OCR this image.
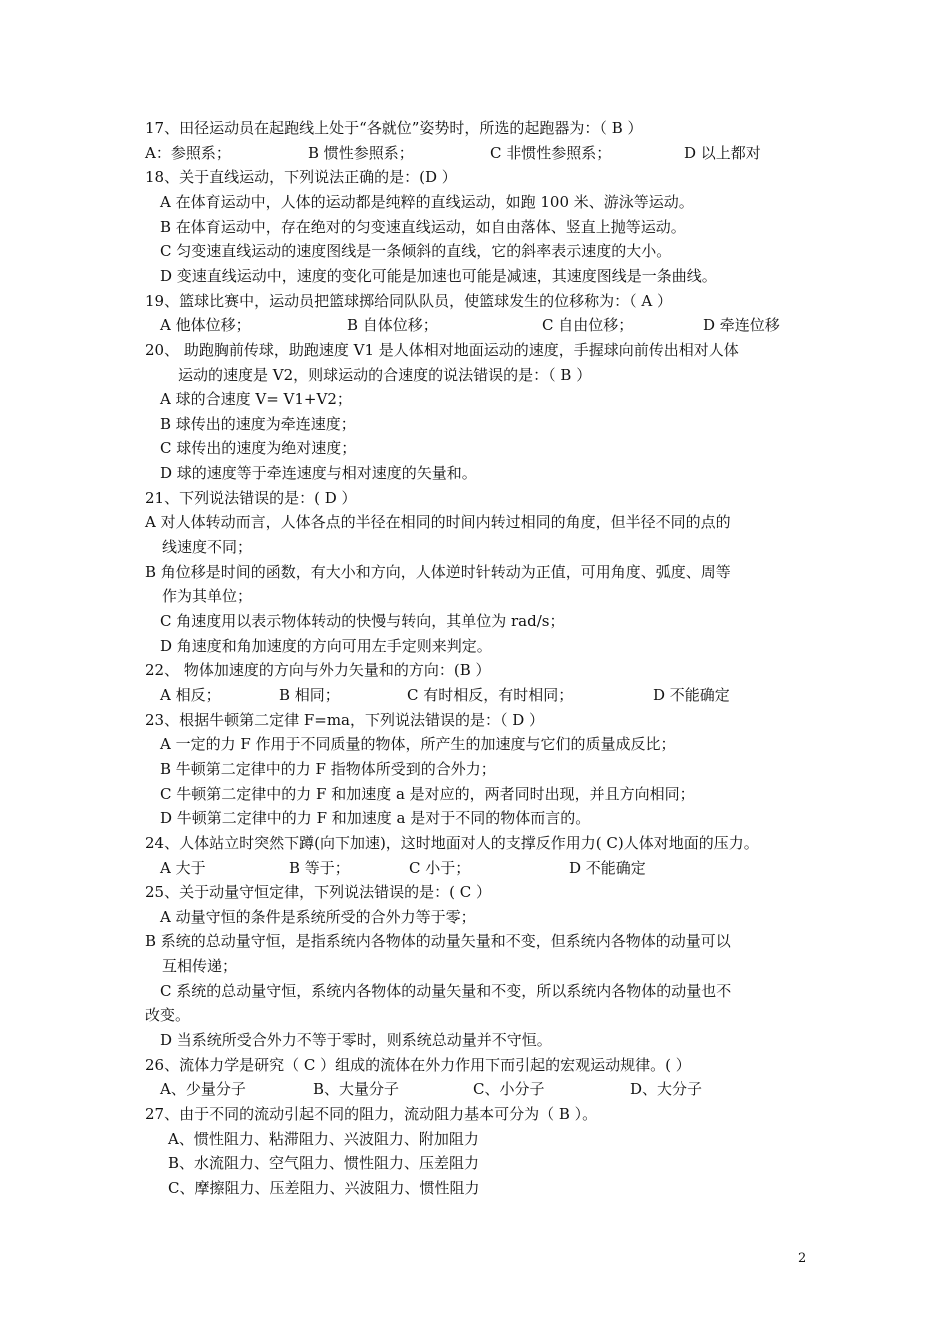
17、田径运动员在起跑线上处于“各就位”姿势时，所选的起跑器为：（ B ）
A：参照系；	B 惯性参照系；	C 非惯性参照系；	D 以上都对
18、关于直线运动，下列说法正确的是：(D ）
A 在体育运动中，人体的运动都是纯粹的直线运动，如跑 100 米、游泳等运动。
B 在体育运动中，存在绝对的匀变速直线运动，如自由落体、竖直上抛等运动。
C 匀变速直线运动的速度图线是一条倾斜的直线，它的斜率表示速度的大小。
D 变速直线运动中，速度的变化可能是加速也可能是减速，其速度图线是一条曲线。
19、篮球比赛中，运动员把篮球掷给同队队员，使篮球发生的位移称为：（ A ）
A 他体位移；	B 自体位移；	C 自由位移；	D 牵连位移
20、 助跑胸前传球，助跑速度 V1 是人体相对地面运动的速度，手握球向前传出相对人体
运动的速度是 V2，则球运动的合速度的说法错误的是：（ B ）
A 球的合速度 V= V1+V2；
B 球传出的速度为牵连速度；
C 球传出的速度为绝对速度；
D 球的速度等于牵连速度与相对速度的矢量和。
21、下列说法错误的是：( D ）
A 对人体转动而言，人体各点的半径在相同的时间内转过相同的角度，但半径不同的点的
线速度不同；
B 角位移是时间的函数，有大小和方向，人体逆时针转动为正值，可用角度、弧度、周等
作为其单位；
C 角速度用以表示物体转动的快慢与转向，其单位为 rad/s；
D 角速度和角加速度的方向可用左手定则来判定。
22、 物体加速度的方向与外力矢量和的方向：(B ）
A 相反；	B 相同；	C 有时相反，有时相同；	D 不能确定
23、根据牛顿第二定律 F=ma，下列说法错误的是：（ D ）
A 一定的力 F 作用于不同质量的物体，所产生的加速度与它们的质量成反比；
B 牛顿第二定律中的力 F 指物体所受到的合外力；
C 牛顿第二定律中的力 F 和加速度 a 是对应的，两者同时出现，并且方向相同；
D 牛顿第二定律中的力 F 和加速度 a 是对于不同的物体而言的。
24、人体站立时突然下蹲(向下加速)，这时地面对人的支撑反作用力( C)人体对地面的压力。
A 大于	B 等于；	C 小于；	D 不能确定
25、关于动量守恒定律，下列说法错误的是：( C ）
A 动量守恒的条件是系统所受的合外力等于零；
B 系统的总动量守恒，是指系统内各物体的动量矢量和不变，但系统内各物体的动量可以
互相传递；
C 系统的总动量守恒，系统内各物体的动量矢量和不变，所以系统内各物体的动量也不
改变。
D 当系统所受合外力不等于零时，则系统总动量并不守恒。
26、流体力学是研究（ C ）组成的流体在外力作用下而引起的宏观运动规律。( ）
A、少量分子	B、大量分子	C、小分子	D、大分子
27、由于不同的流动引起不同的阻力，流动阻力基本可分为（ B ）。
A、惯性阻力、粘滞阻力、兴波阻力、附加阻力
B、水流阻力、空气阻力、惯性阻力、压差阻力
C、摩擦阻力、压差阻力、兴波阻力、惯性阻力
2
